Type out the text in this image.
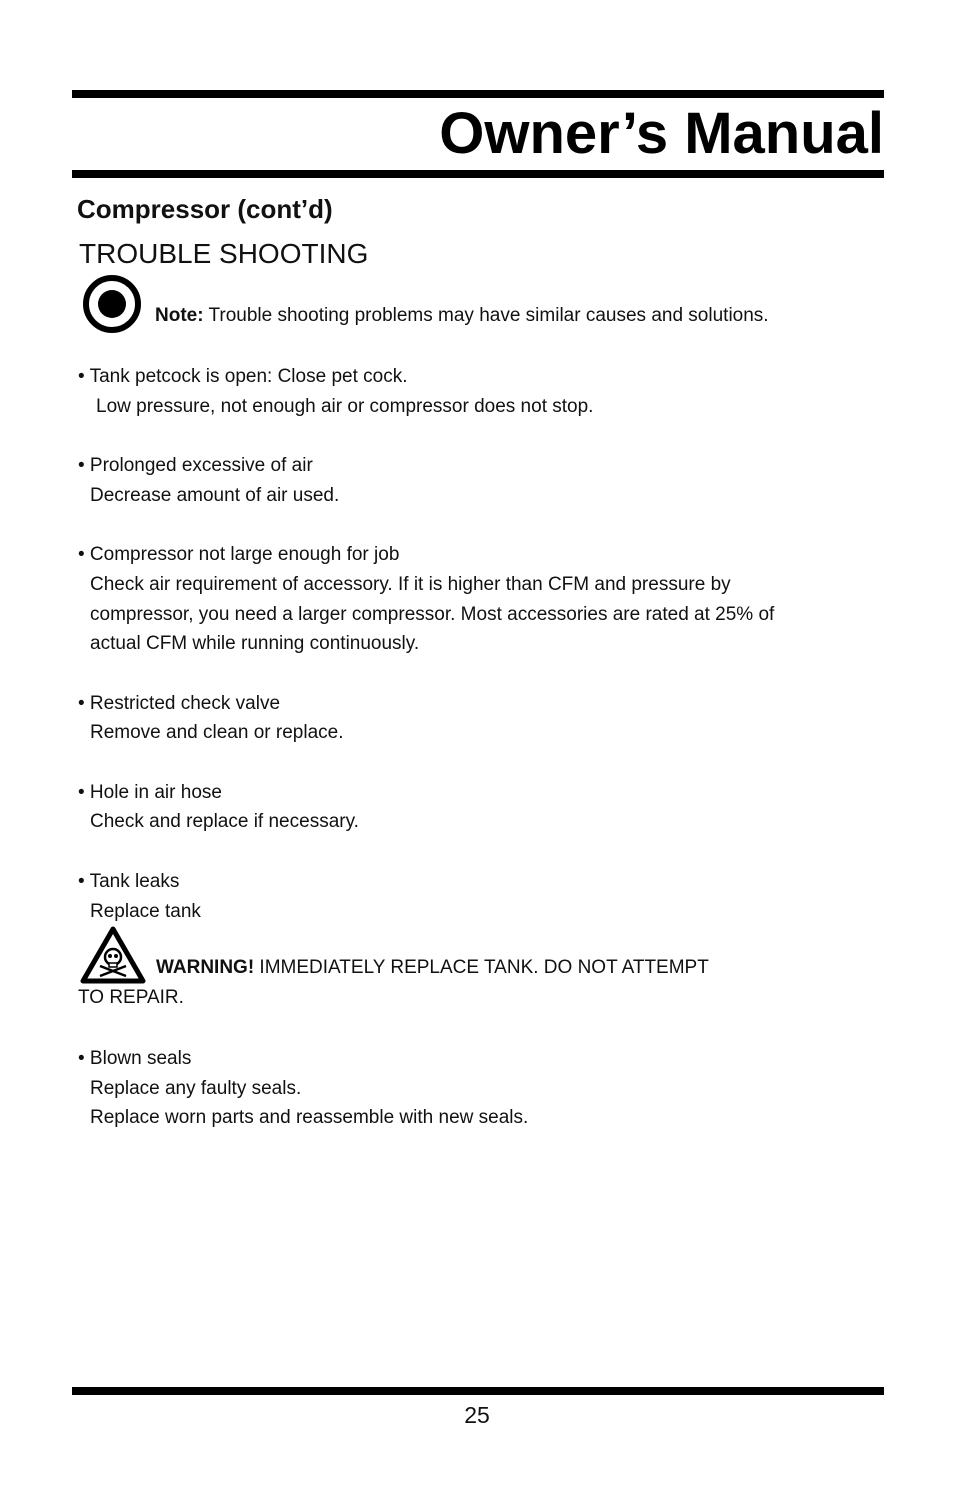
Owner’s Manual
Compressor (cont’d)
TROUBLE SHOOTING
Note: Trouble shooting problems may have similar causes and solutions.
• Tank petcock is open: Close pet cock.
Low pressure, not enough air or compressor does not stop.
• Prolonged excessive of air
Decrease amount of air used.
• Compressor not large enough for job
Check air requirement of accessory. If it is higher than CFM and pressure by
compressor, you need a larger compressor. Most accessories are rated at 25% of
actual CFM while running continuously.
• Restricted check valve
Remove and clean or replace.
• Hole in air hose
Check and replace if necessary.
• Tank leaks
Replace tank
WARNING! IMMEDIATELY REPLACE TANK. DO NOT ATTEMPT
TO REPAIR.
• Blown seals
Replace any faulty seals.
Replace worn parts and reassemble with new seals.
25
